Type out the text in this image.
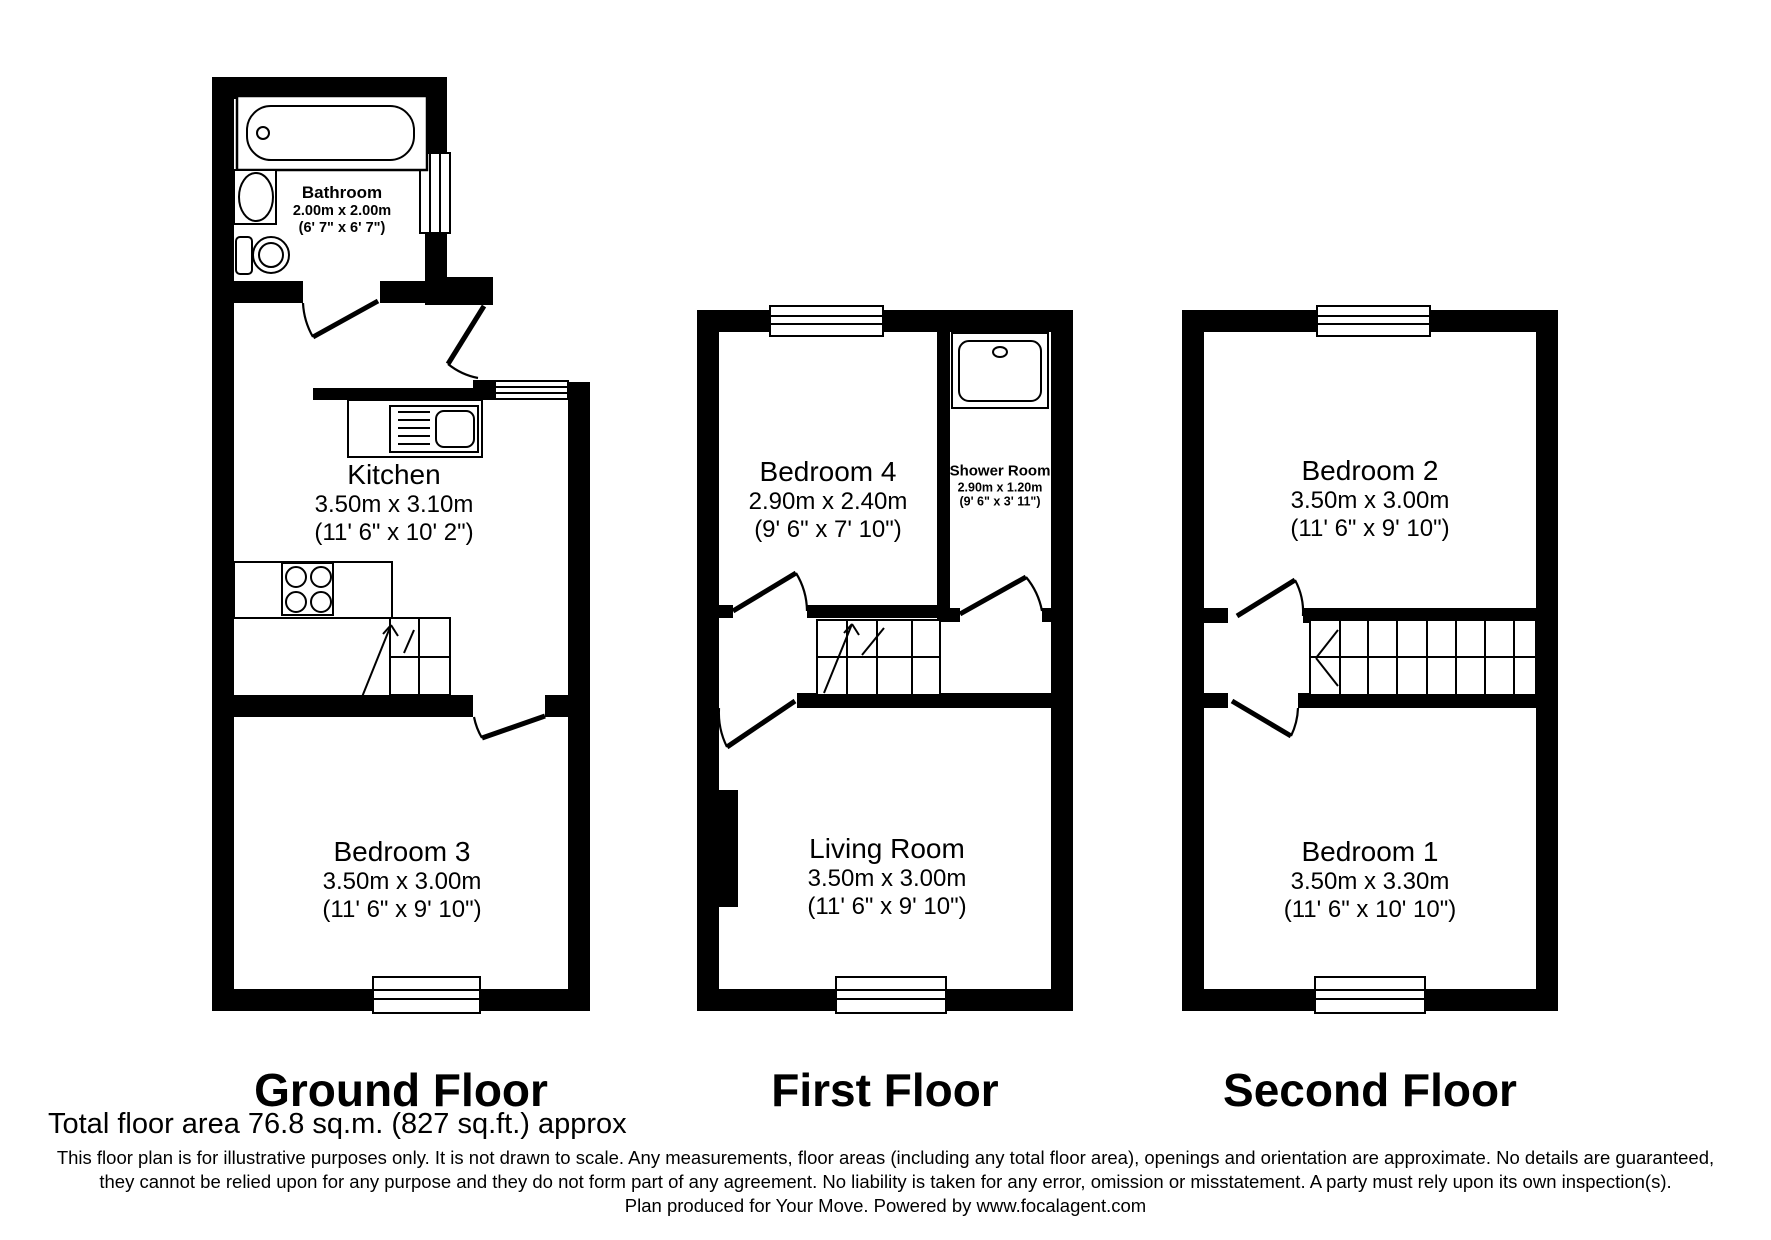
Bathroom
2.00m x 2.00m
(6' 7" x 6' 7")
Kitchen
3.50m x 3.10m
(11' 6" x 10' 2")
Bedroom 3
3.50m x 3.00m
(11' 6" x 9' 10")
Bedroom 4
2.90m x 2.40m
(9' 6" x 7' 10")
Shower Room
2.90m x 1.20m
(9' 6" x 3' 11")
Living Room
3.50m x 3.00m
(11' 6" x 9' 10")
Bedroom 2
3.50m x 3.00m
(11' 6" x 9' 10")
Bedroom 1
3.50m x 3.30m
(11' 6" x 10' 10")
Ground Floor	First Floor	Second Floor
Total floor area 76.8 sq.m. (827 sq.ft.) approx
This floor plan is for illustrative purposes only. It is not drawn to scale. Any measurements, floor areas (including any total floor area), openings and orientation are approximate. No details are guaranteed,
they cannot be relied upon for any purpose and they do not form part of any agreement. No liability is taken for any error, omission or misstatement. A party must rely upon its own inspection(s).
Plan produced for Your Move. Powered by www.focalagent.com
